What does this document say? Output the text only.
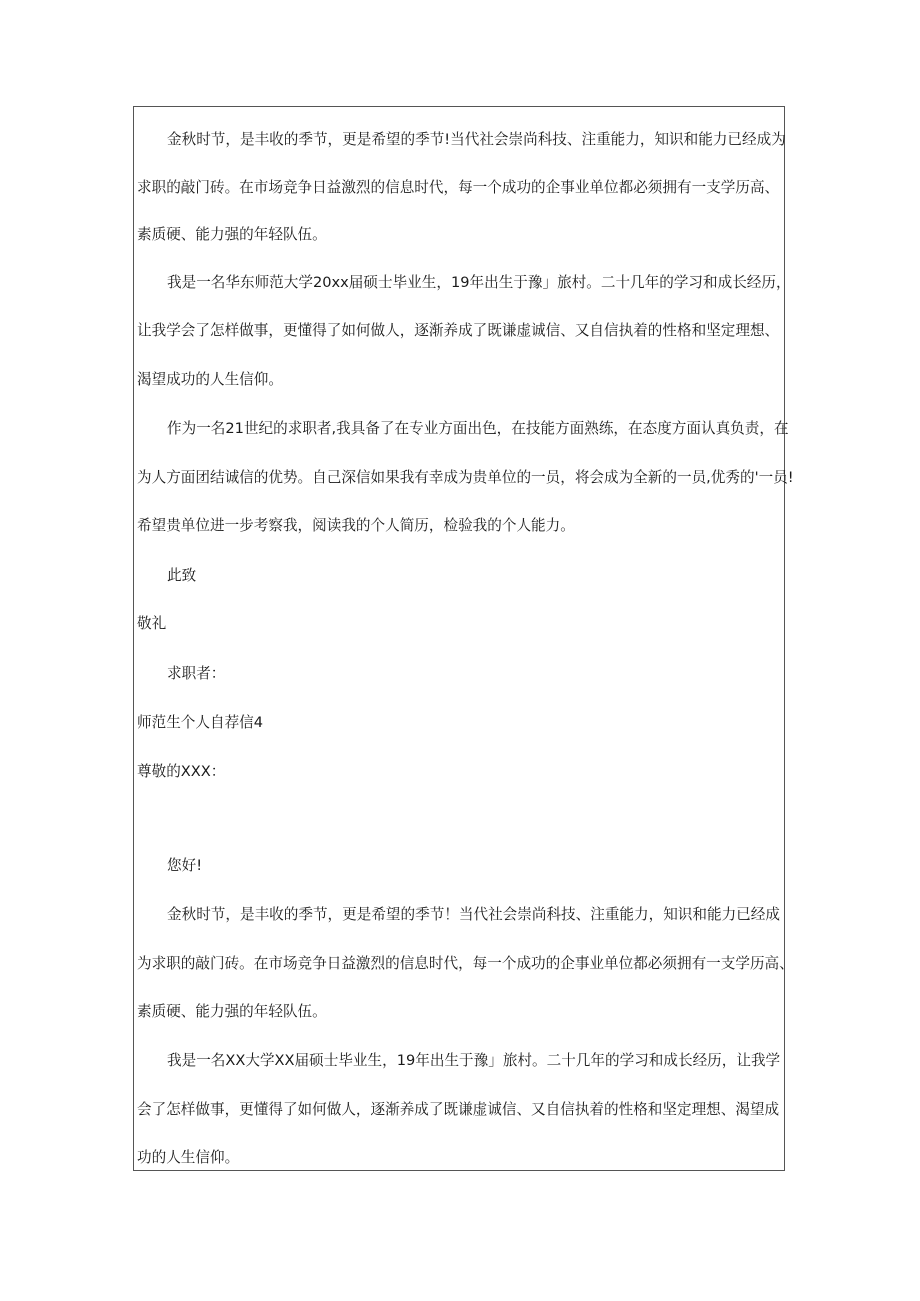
金秋时节，是丰收的季节，更是希望的季节!当代社会崇尚科技、注重能力，知识和能力已经成为
求职的敲门砖。在市场竞争日益激烈的信息时代，每一个成功的企事业单位都必须拥有一支学历高、
素质硬、能力强的年轻队伍。
我是一名华东师范大学20xx届硕士毕业生，19年出生于豫」旅村。二十几年的学习和成长经历，
让我学会了怎样做事，更懂得了如何做人，逐渐养成了既谦虚诚信、又自信执着的性格和坚定理想、
渴望成功的人生信仰。
作为一名21世纪的求职者,我具备了在专业方面出色，在技能方面熟练，在态度方面认真负责，在
为人方面团结诚信的优势。自己深信如果我有幸成为贵单位的一员，将会成为全新的一员,优秀的'一员!
希望贵单位进一步考察我，阅读我的个人简历，检验我的个人能力。
此致
敬礼
求职者：
师范生个人自荐信4
尊敬的XXX：
您好!
金秋时节，是丰收的季节，更是希望的季节！当代社会崇尚科技、注重能力，知识和能力已经成
为求职的敲门砖。在市场竞争日益激烈的信息时代，每一个成功的企事业单位都必须拥有一支学历高、
素质硬、能力强的年轻队伍。
我是一名XX大学XX届硕士毕业生，19年出生于豫」旅村。二十几年的学习和成长经历，让我学
会了怎样做事，更懂得了如何做人，逐渐养成了既谦虚诚信、又自信执着的性格和坚定理想、渴望成
功的人生信仰。
